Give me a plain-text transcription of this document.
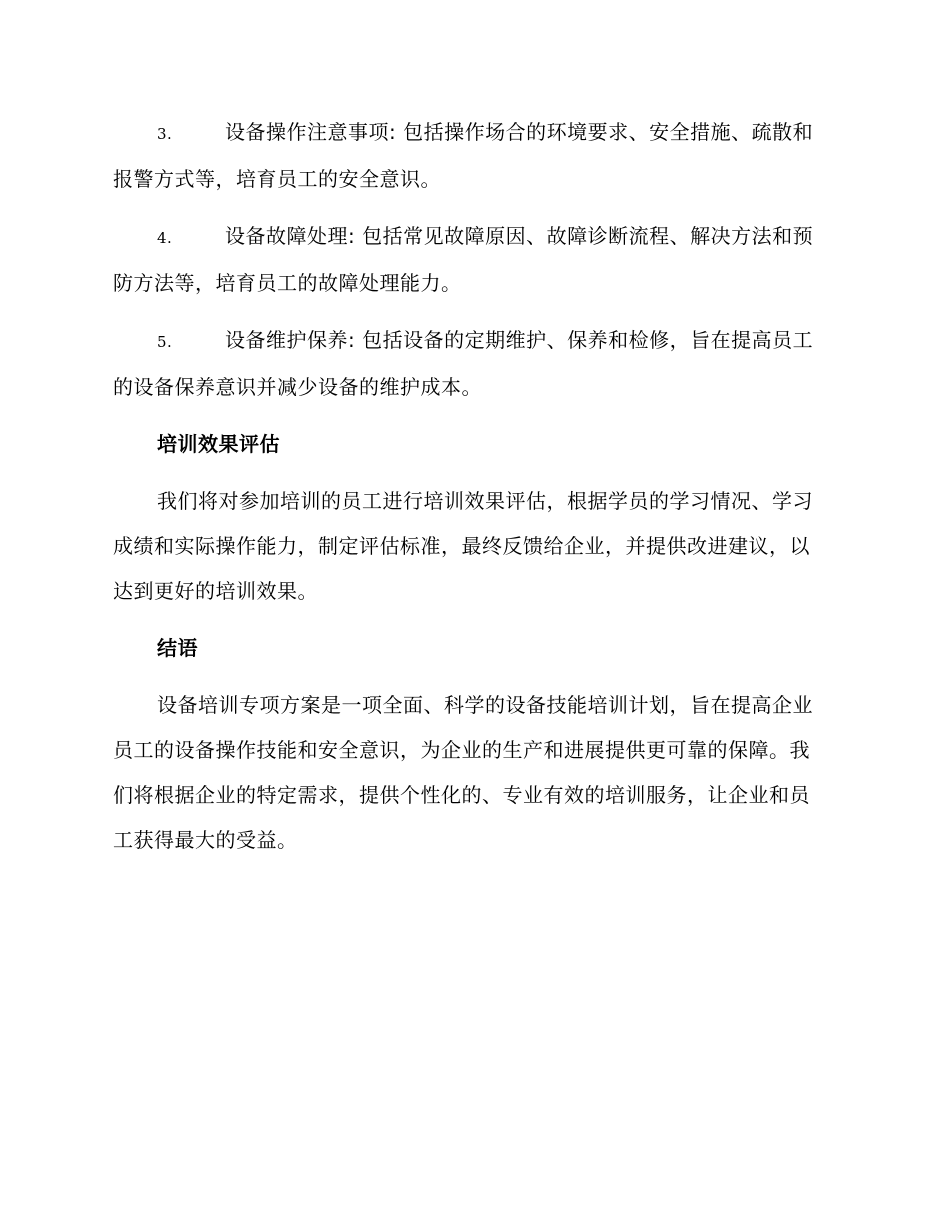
3.	设备操作注意事项: 包括操作场合的环境要求、安全措施、疏散和报警方式等，培育员工的安全意识。
4.	设备故障处理: 包括常见故障原因、故障诊断流程、解决方法和预防方法等，培育员工的故障处理能力。
5.	设备维护保养: 包括设备的定期维护、保养和检修，旨在提高员工的设备保养意识并减少设备的维护成本。
培训效果评估
我们将对参加培训的员工进行培训效果评估，根据学员的学习情况、学习成绩和实际操作能力，制定评估标准，最终反馈给企业，并提供改进建议，以达到更好的培训效果。
结语
设备培训专项方案是一项全面、科学的设备技能培训计划，旨在提高企业员工的设备操作技能和安全意识，为企业的生产和进展提供更可靠的保障。我们将根据企业的特定需求，提供个性化的、专业有效的培训服务，让企业和员工获得最大的受益。
